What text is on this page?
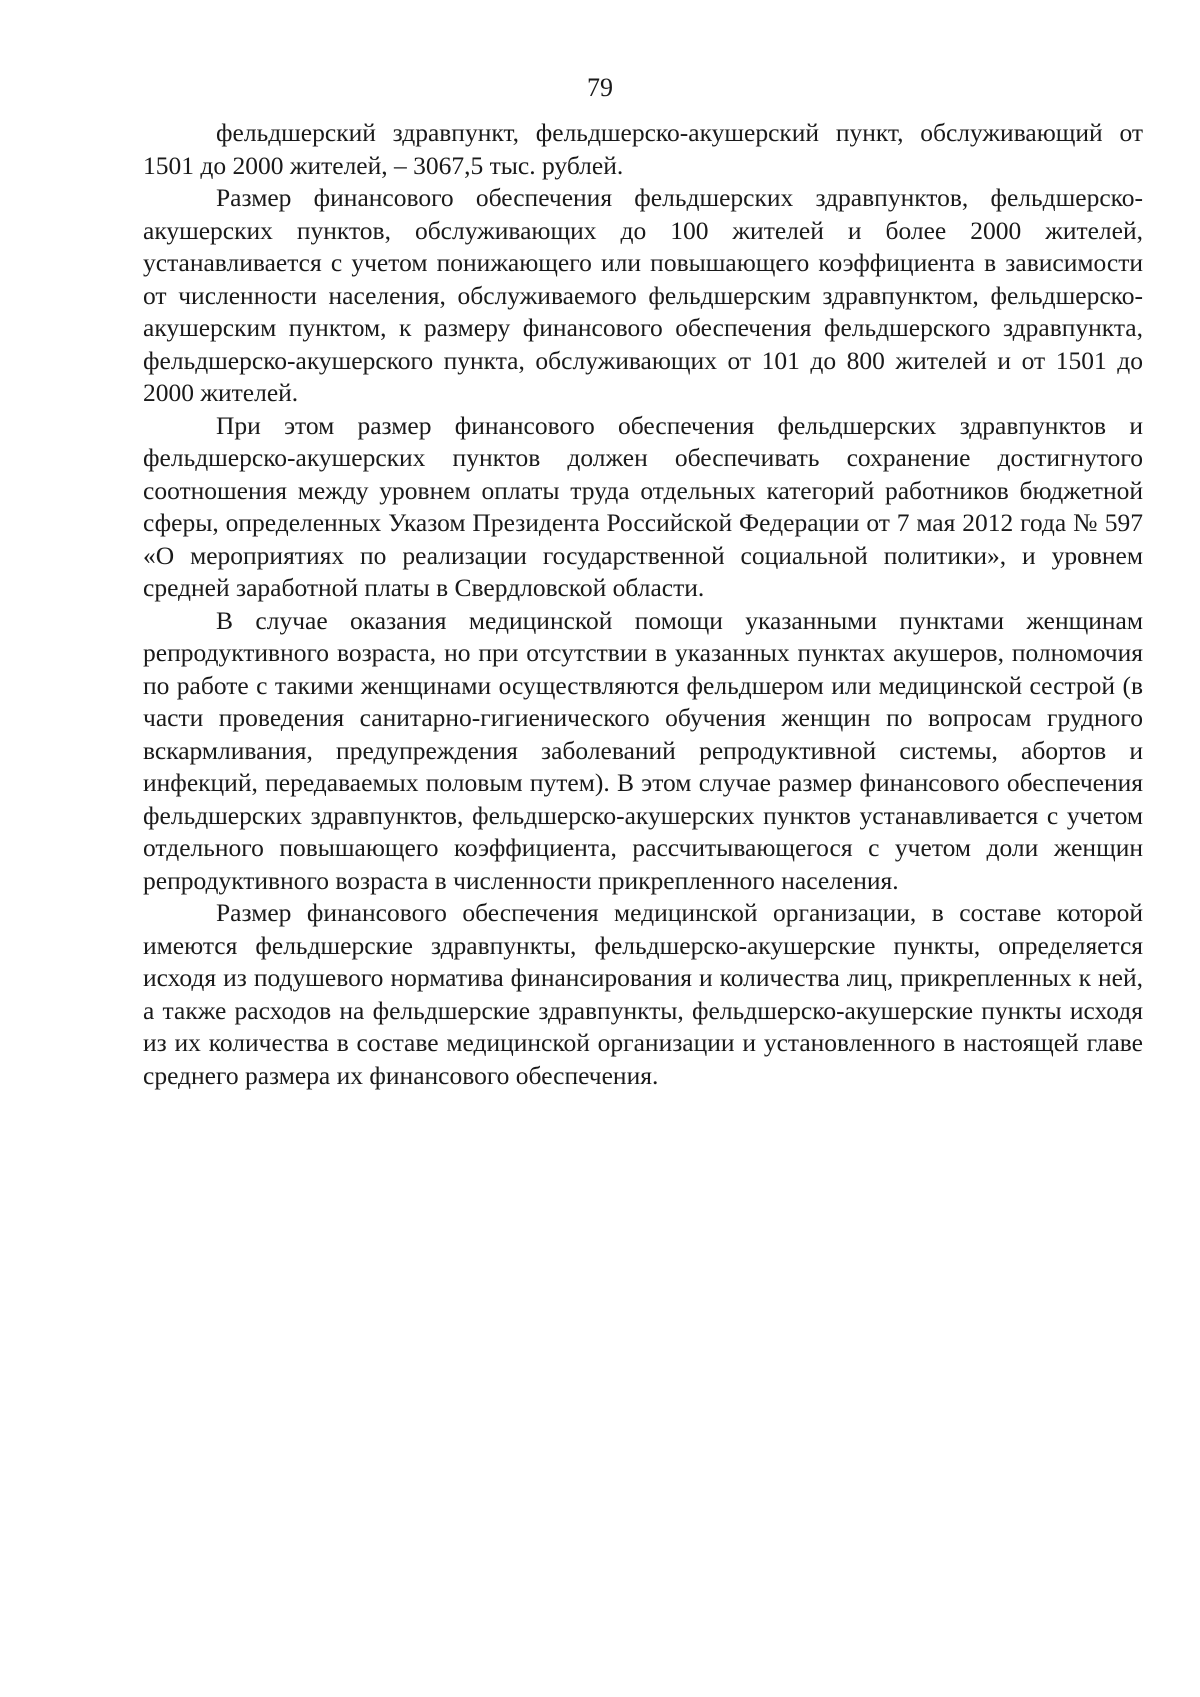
79

фельдшерский здравпункт, фельдшерско-акушерский пункт, обслуживающий от 1501 до 2000 жителей, – 3067,5 тыс. рублей.

Размер финансового обеспечения фельдшерских здравпунктов, фельдшерско-акушерских пунктов, обслуживающих до 100 жителей и более 2000 жителей, устанавливается с учетом понижающего или повышающего коэффициента в зависимости от численности населения, обслуживаемого фельдшерским здравпунктом, фельдшерско-акушерским пунктом, к размеру финансового обеспечения фельдшерского здравпункта, фельдшерско-акушерского пункта, обслуживающих от 101 до 800 жителей и от 1501 до 2000 жителей.

При этом размер финансового обеспечения фельдшерских здравпунктов и фельдшерско-акушерских пунктов должен обеспечивать сохранение достигнутого соотношения между уровнем оплаты труда отдельных категорий работников бюджетной сферы, определенных Указом Президента Российской Федерации от 7 мая 2012 года № 597 «О мероприятиях по реализации государственной социальной политики», и уровнем средней заработной платы в Свердловской области.

В случае оказания медицинской помощи указанными пунктами женщинам репродуктивного возраста, но при отсутствии в указанных пунктах акушеров, полномочия по работе с такими женщинами осуществляются фельдшером или медицинской сестрой (в части проведения санитарно-гигиенического обучения женщин по вопросам грудного вскармливания, предупреждения заболеваний репродуктивной системы, абортов и инфекций, передаваемых половым путем). В этом случае размер финансового обеспечения фельдшерских здравпунктов, фельдшерско-акушерских пунктов устанавливается с учетом отдельного повышающего коэффициента, рассчитывающегося с учетом доли женщин репродуктивного возраста в численности прикрепленного населения.

Размер финансового обеспечения медицинской организации, в составе которой имеются фельдшерские здравпункты, фельдшерско-акушерские пункты, определяется исходя из подушевого норматива финансирования и количества лиц, прикрепленных к ней, а также расходов на фельдшерские здравпункты, фельдшерско-акушерские пункты исходя из их количества в составе медицинской организации и установленного в настоящей главе среднего размера их финансового обеспечения.
